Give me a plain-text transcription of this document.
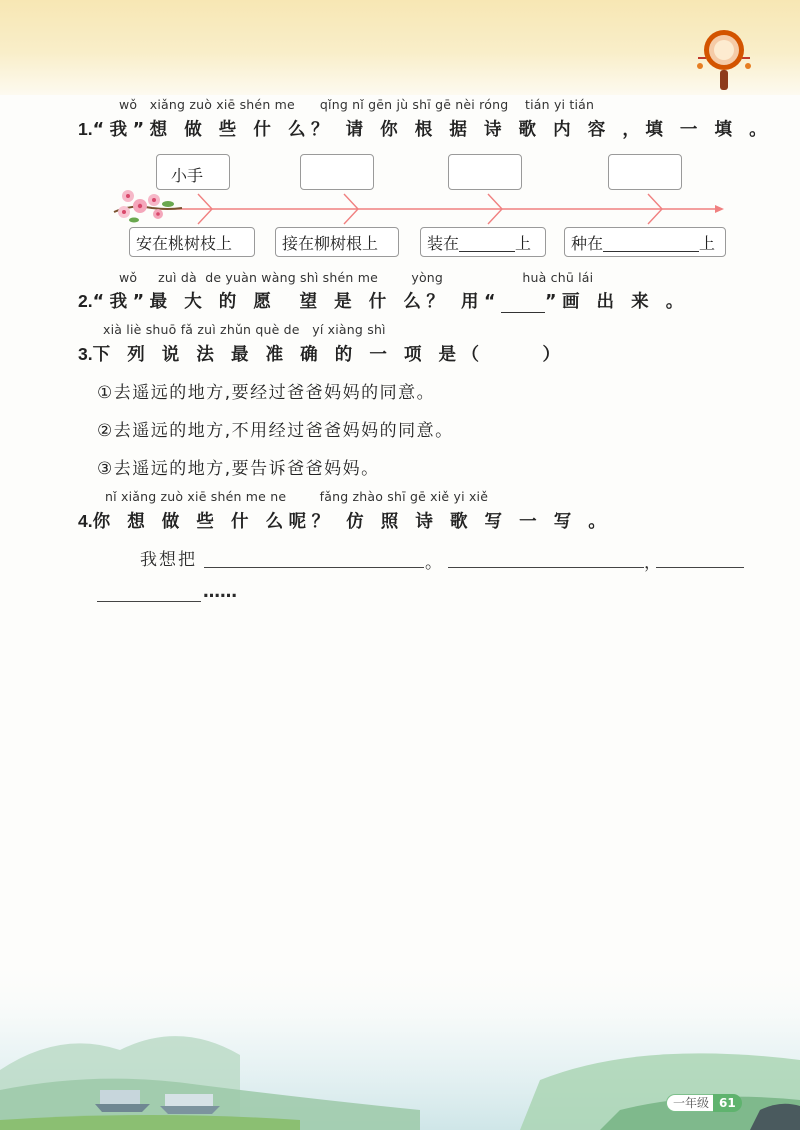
wǒ   xiǎng zuò xiē shén me      qǐng nǐ gēn jù shī gē nèi róng    tián yi tián
1.“我”想 做 些 什 么？ 请 你 根 据 诗 歌 内 容 ，填 一 填 。
小手
安在桃树枝上	接在柳树根上	装在	上 种在	上
wǒ     zuì dà  de yuàn wàng shì shén me        yòng                   huà chū lái
2.“我”最 大 的 愿  望 是 什 么？ 用“	”画 出 来 。
xià liè shuō fǎ zuì zhǔn què de   yí xiàng shì
3.下 列 说 法 最 准 确 的 一 项 是（     ）
①去遥远的地方,要经过爸爸妈妈的同意。
②去遥远的地方,不用经过爸爸妈妈的同意。
③去遥远的地方,要告诉爸爸妈妈。
nǐ xiǎng zuò xiē shén me ne        fǎng zhào shī gē xiě yi xiě
4.你 想 做 些 什 么呢？ 仿 照 诗 歌 写 一 写 。
我想把	。	，
……
一年级 61
